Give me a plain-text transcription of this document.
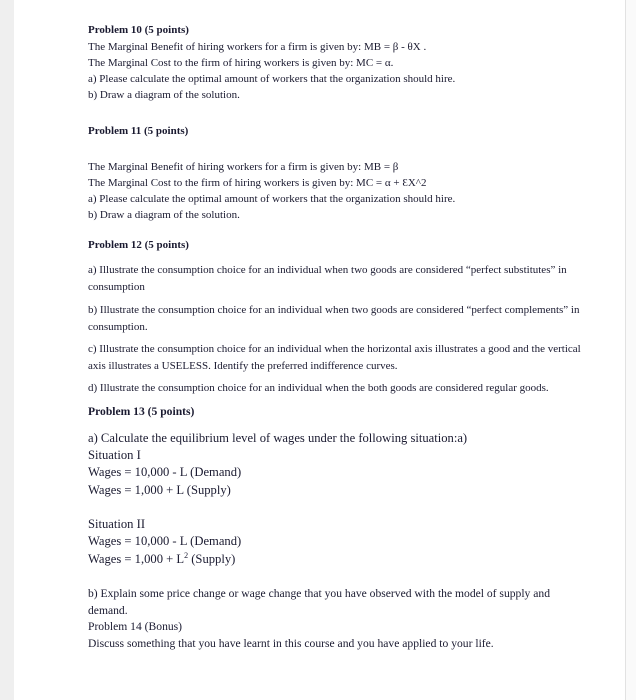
Problem 10 (5 points)
The Marginal Benefit of hiring workers for a firm is given by: MB = β - θX .
The Marginal Cost to the firm of hiring workers is given by: MC = α.
a) Please calculate the optimal amount of workers that the organization should hire.
b) Draw a diagram of the solution.
Problem 11 (5 points)
The Marginal Benefit of hiring workers for a firm is given by: MB = β
The Marginal Cost to the firm of hiring workers is given by: MC = α + ƐX^2
a) Please calculate the optimal amount of workers that the organization should hire.
b) Draw a diagram of the solution.
Problem 12 (5 points)
a) Illustrate the consumption choice for an individual when two goods are considered “perfect substitutes” in consumption
b) Illustrate the consumption choice for an individual when two goods are considered “perfect complements” in consumption.
c) Illustrate the consumption choice for an individual when the horizontal axis illustrates a good and the vertical axis illustrates a USELESS. Identify the preferred indifference curves.
d) Illustrate the consumption choice for an individual when the both goods are considered regular goods.
Problem 13 (5 points)
a) Calculate the equilibrium level of wages under the following situation:a)
Situation I
Wages = 10,000 - L (Demand)
Wages = 1,000 + L (Supply)
Situation II
Wages = 10,000 - L (Demand)
Wages = $1,000 + L^2$ (Supply)
b) Explain some price change or wage change that you have observed with the model of supply and demand.
Problem 14 (Bonus)
Discuss something that you have learnt in this course and you have applied to your life.
